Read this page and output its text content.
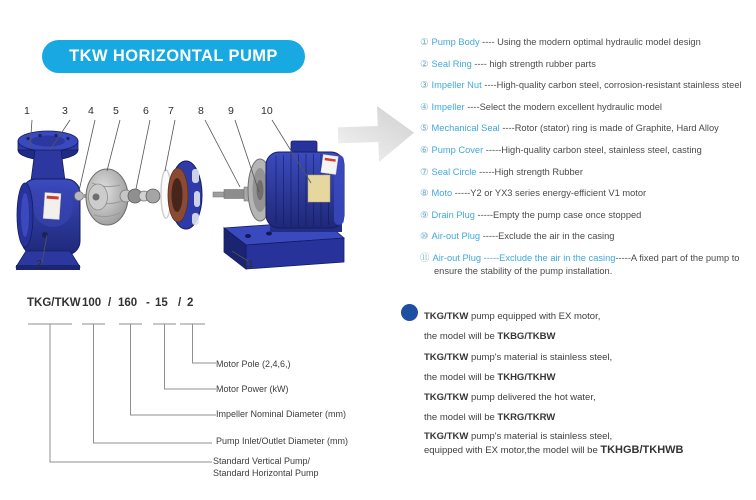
TKW HORIZONTAL PUMP
1	3 4 5 6 7 8 9	10
2	11
① Pump Body ---- Using the modern optimal hydraulic model design
② Seal Ring ---- high strength rubber parts
③ Impeller Nut ----High-quality carbon steel, corrosion-resistant stainless steel
④ Impeller ----Select the modern excellent hydraulic model
⑤ Mechanical Seal ----Rotor (stator) ring is made of Graphite, Hard Alloy
⑥ Pump Cover -----High-quality carbon steel, stainless steel, casting
⑦ Seal Circle -----High strength Rubber
⑧ Moto -----Y2 or YX3 series energy-efficient V1 motor
⑨ Drain Plug -----Empty the pump case once stopped
⑩ Air-out Plug -----Exclude the air in the casing
⑪ Air-out Plug -----Exclude the air in the casing-----A fixed part of the pump to ensure the stability of the pump installation.
TKG/TKW 100 / 160 - 15 / 2
Motor Pole (2,4,6,)
Motor Power (kW)
Impeller Nominal Diameter (mm)
Pump Inlet/Outlet Diameter (mm)
Standard Vertical Pump/
Standard Horizontal Pump
TKG/TKW pump equipped with EX motor,
the model will be TKBG/TKBW
TKG/TKW pump's material is stainless steel,
the model will be TKHG/TKHW
TKG/TKW pump delivered the hot water,
the model will be TKRG/TKRW
TKG/TKW pump's material is stainless steel,
equipped with EX motor,the model will be TKHGB/TKHWB
